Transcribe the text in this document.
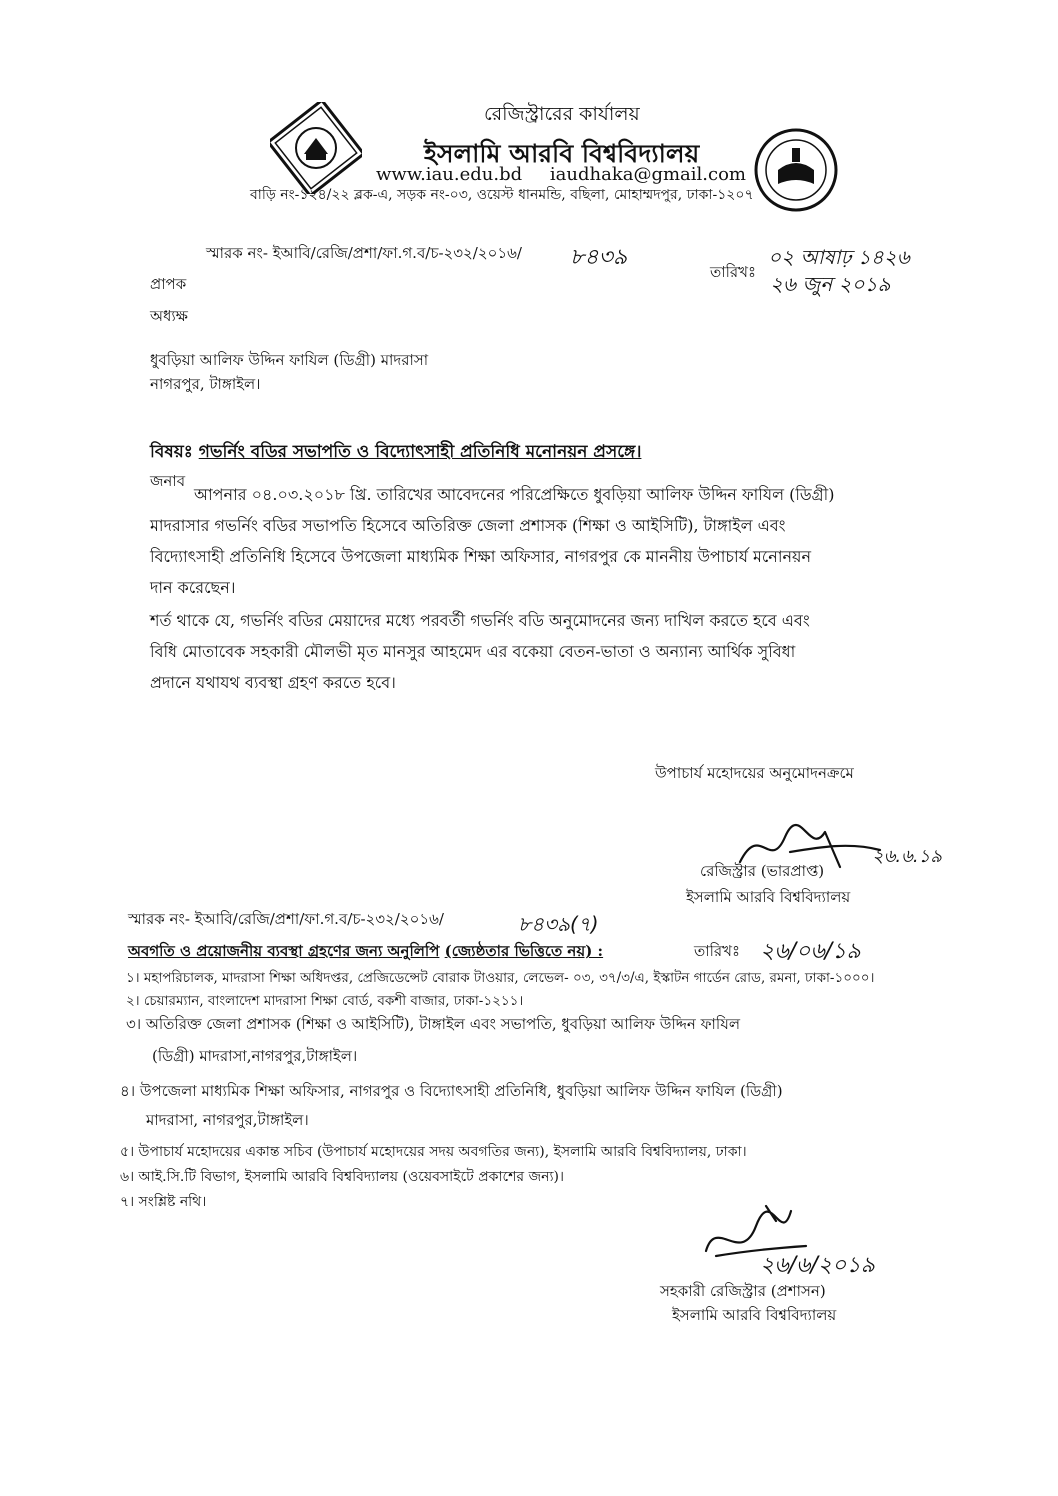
রেজিস্ট্রারের কার্যালয়
ইসলামি আরবি বিশ্ববিদ্যালয়
www.iau.edu.bd iaudhaka@gmail.com
বাড়ি নং-১২৪/২২ ব্লক-এ, সড়ক নং-০৩, ওয়েস্ট ধানমন্ডি, বছিলা, মোহাম্মদপুর, ঢাকা-১২০৭
স্মারক নং- ইআবি/রেজি/প্রশা/ফা.গ.ব/চ-২৩২/২০১৬/ ৮৪৩৯
তারিখঃ
০২ আষাঢ় ১৪২৬
২৬ জুন ২০১৯
প্রাপক
অধ্যক্ষ
ধুবড়িয়া আলিফ উদ্দিন ফাযিল (ডিগ্রী) মাদরাসা
নাগরপুর, টাঙ্গাইল।
বিষয়ঃ গভর্নিং বডির সভাপতি ও বিদ্যোৎসাহী প্রতিনিধি মনোনয়ন প্রসঙ্গে।
জনাব
আপনার ০৪.০৩.২০১৮ খ্রি. তারিখের আবেদনের পরিপ্রেক্ষিতে ধুবড়িয়া আলিফ উদ্দিন ফাযিল (ডিগ্রী)
মাদরাসার গভর্নিং বডির সভাপতি হিসেবে অতিরিক্ত জেলা প্রশাসক (শিক্ষা ও আইসিটি), টাঙ্গাইল এবং
বিদ্যোৎসাহী প্রতিনিধি হিসেবে উপজেলা মাধ্যমিক শিক্ষা অফিসার, নাগরপুর কে মাননীয় উপাচার্য মনোনয়ন
দান করেছেন।
শর্ত থাকে যে, গভর্নিং বডির মেয়াদের মধ্যে পরবর্তী গভর্নিং বডি অনুমোদনের জন্য দাখিল করতে হবে এবং
বিধি মোতাবেক সহকারী মৌলভী মৃত মানসুর আহমেদ এর বকেয়া বেতন-ভাতা ও অন্যান্য আর্থিক সুবিধা
প্রদানে যথাযথ ব্যবস্থা গ্রহণ করতে হবে।
উপাচার্য মহোদয়ের অনুমোদনক্রমে
২৬.৬.১৯
রেজিস্ট্রার (ভারপ্রাপ্ত)
ইসলামি আরবি বিশ্ববিদ্যালয়
স্মারক নং- ইআবি/রেজি/প্রশা/ফা.গ.ব/চ-২৩২/২০১৬/	৮৪৩৯(৭)
তারিখঃ ২৬/০৬/১৯
অবগতি ও প্রয়োজনীয় ব্যবস্থা গ্রহণের জন্য অনুলিপি (জ্যেষ্ঠতার ভিত্তিতে নয়) :
১। মহাপরিচালক, মাদরাসা শিক্ষা অধিদপ্তর, প্রেজিডেন্সেট বোরাক টাওয়ার, লেভেল- ০৩, ৩৭/৩/এ, ইস্কাটন গার্ডেন রোড, রমনা, ঢাকা-১০০০।
২। চেয়ারম্যান, বাংলাদেশ মাদরাসা শিক্ষা বোর্ড, বকশী বাজার, ঢাকা-১২১১।
৩। অতিরিক্ত জেলা প্রশাসক (শিক্ষা ও আইসিটি), টাঙ্গাইল এবং সভাপতি, ধুবড়িয়া আলিফ উদ্দিন ফাযিল
(ডিগ্রী) মাদরাসা,নাগরপুর,টাঙ্গাইল।
৪। উপজেলা মাধ্যমিক শিক্ষা অফিসার, নাগরপুর ও বিদ্যোৎসাহী প্রতিনিধি, ধুবড়িয়া আলিফ উদ্দিন ফাযিল (ডিগ্রী)
মাদরাসা, নাগরপুর,টাঙ্গাইল।
৫। উপাচার্য মহোদয়ের একান্ত সচিব (উপাচার্য মহোদয়ের সদয় অবগতির জন্য), ইসলামি আরবি বিশ্ববিদ্যালয়, ঢাকা।
৬। আই.সি.টি বিভাগ, ইসলামি আরবি বিশ্ববিদ্যালয় (ওয়েবসাইটে প্রকাশের জন্য)।
৭। সংশ্লিষ্ট নথি।
২৬/৬/২০১৯
সহকারী রেজিস্ট্রার (প্রশাসন)
ইসলামি আরবি বিশ্ববিদ্যালয়
